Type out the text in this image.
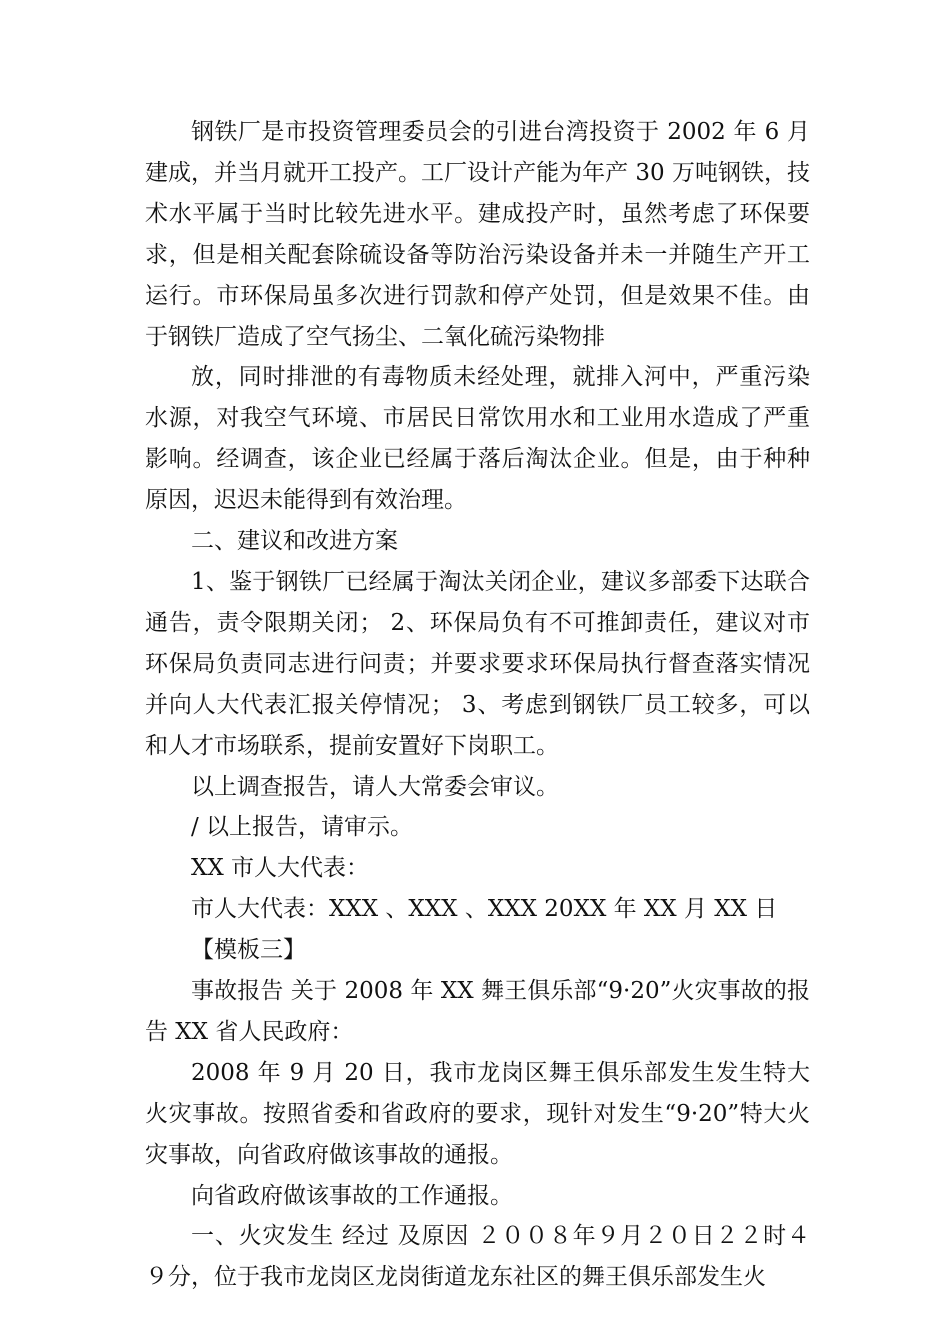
钢铁厂是市投资管理委员会的引进台湾投资于 2002 年 6 月建成，并当月就开工投产。工厂设计产能为年产 30 万吨钢铁，技术水平属于当时比较先进水平。建成投产时，虽然考虑了环保要求，但是相关配套除硫设备等防治污染设备并未一并随生产开工运行。市环保局虽多次进行罚款和停产处罚，但是效果不佳。由于钢铁厂造成了空气扬尘、二氧化硫污染物排

放，同时排泄的有毒物质未经处理，就排入河中，严重污染水源，对我空气环境、市居民日常饮用水和工业用水造成了严重影响。经调查，该企业已经属于落后淘汰企业。但是，由于种种原因，迟迟未能得到有效治理。

二、建议和改进方案

1、鉴于钢铁厂已经属于淘汰关闭企业，建议多部委下达联合通告，责令限期关闭； 2、环保局负有不可推卸责任，建议对市环保局负责同志进行问责；并要求要求环保局执行督查落实情况并向人大代表汇报关停情况； 3、考虑到钢铁厂员工较多，可以和人才市场联系，提前安置好下岗职工。

以上调查报告，请人大常委会审议。

/ 以上报告，请审示。

XX 市人大代表：

市人大代表：XXX 、XXX 、XXX 20XX 年 XX 月 XX 日

【模板三】

事故报告 关于 2008 年 XX 舞王俱乐部“9·20”火灾事故的报告 XX 省人民政府：

2008 年 9 月 20 日，我市龙岗区舞王俱乐部发生发生特大火灾事故。按照省委和省政府的要求，现针对发生“9·20”特大火灾事故，向省政府做该事故的通报。

向省政府做该事故的工作通报。

一、火灾发生 经过 及原因 ２００８年９月２０日２２时４９分，位于我市龙岗区龙岗街道龙东社区的舞王俱乐部发生火
